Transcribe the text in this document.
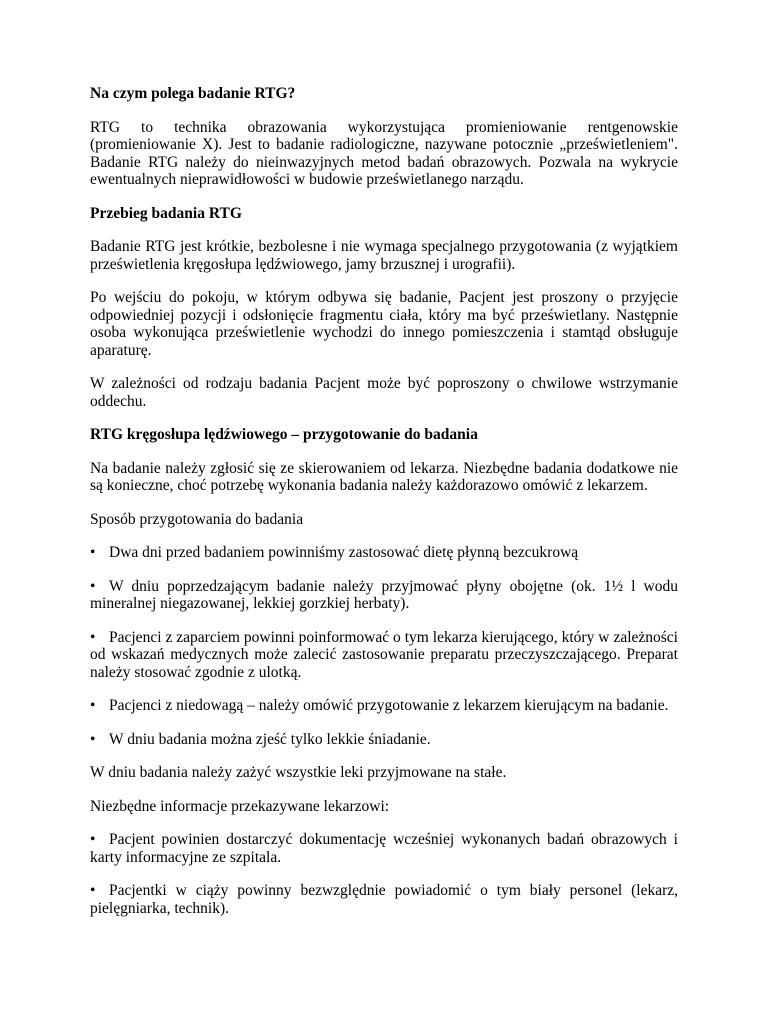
Na czym polega badanie RTG?

RTG to technika obrazowania wykorzystująca promieniowanie rentgenowskie (promieniowanie X). Jest to badanie radiologiczne, nazywane potocznie „prześwietleniem". Badanie RTG należy do nieinwazyjnych metod badań obrazowych. Pozwala na wykrycie ewentualnych nieprawidłowości w budowie prześwietlanego narządu.

Przebieg badania RTG

Badanie RTG jest krótkie, bezbolesne i nie wymaga specjalnego przygotowania (z wyjątkiem prześwietlenia kręgosłupa lędźwiowego, jamy brzusznej i urografii).

Po wejściu do pokoju, w którym odbywa się badanie, Pacjent jest proszony o przyjęcie odpowiedniej pozycji i odsłonięcie fragmentu ciała, który ma być prześwietlany. Następnie osoba wykonująca prześwietlenie wychodzi do innego pomieszczenia i stamtąd obsługuje aparaturę.

W zależności od rodzaju badania Pacjent może być poproszony o chwilowe wstrzymanie oddechu.

RTG kręgosłupa lędźwiowego – przygotowanie do badania

Na badanie należy zgłosić się ze skierowaniem od lekarza. Niezbędne badania dodatkowe nie są konieczne, choć potrzebę wykonania badania należy każdorazowo omówić z lekarzem.

Sposób przygotowania do badania

• Dwa dni przed badaniem powinniśmy zastosować dietę płynną bezcukrową
• W dniu poprzedzającym badanie należy przyjmować płyny obojętne (ok. 1½ l wodu mineralnej niegazowanej, lekkiej gorzkiej herbaty).
• Pacjenci z zaparciem powinni poinformować o tym lekarza kierującego, który w zależności od wskazań medycznych może zalecić zastosowanie preparatu przeczyszczającego. Preparat należy stosować zgodnie z ulotką.
• Pacjenci z niedowagą – należy omówić przygotowanie z lekarzem kierującym na badanie.
• W dniu badania można zjeść tylko lekkie śniadanie.

W dniu badania należy zażyć wszystkie leki przyjmowane na stałe.

Niezbędne informacje przekazywane lekarzowi:

• Pacjent powinien dostarczyć dokumentację wcześniej wykonanych badań obrazowych i karty informacyjne ze szpitala.
• Pacjentki w ciąży powinny bezwzględnie powiadomić o tym biały personel (lekarz, pielęgniarka, technik).
